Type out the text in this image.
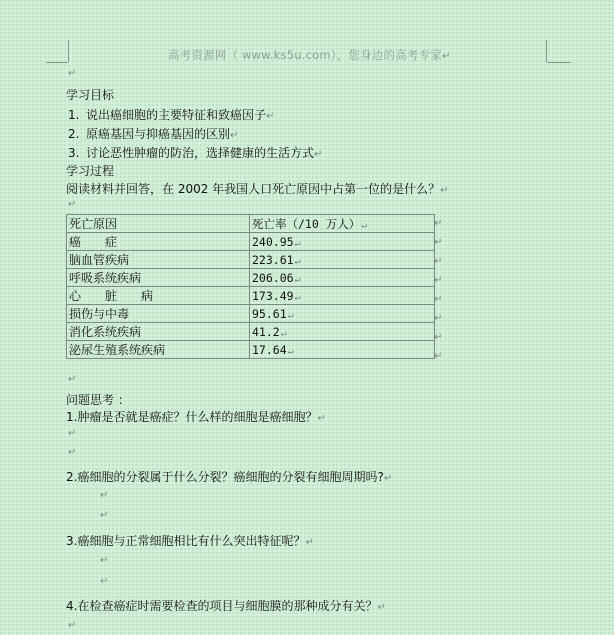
高考资源网（ www.ks5u.com），您身边的高考专家↵
↵
学习目标
1. 说出癌细胞的主要特征和致癌因子↵
2. 原癌基因与抑癌基因的区别↵
3. 讨论恶性肿瘤的防治，选择健康的生活方式↵
学习过程
阅读材料并回答，在 2002 年我国人口死亡原因中占第一位的是什么？↵
↵
死亡原因	死亡率（/10 万人）↵
癌　　症	240.95↵
脑血管疾病	223.61↵
呼吸系统疾病	206.06↵
心　　脏　　病	173.49↵
损伤与中毒	95.61↵
消化系统疾病	41.2↵
泌尿生殖系统疾病	17.64↵
↵
↵
↵
↵
↵
↵
↵
↵
↵
问题思考 ：
1.肿瘤是否就是癌症？什么样的细胞是癌细胞？↵
↵
↵
2.癌细胞的分裂属于什么分裂？癌细胞的分裂有细胞周期吗?↵
↵
↵
3.癌细胞与正常细胞相比有什么突出特征呢？↵
↵
↵
4.在检查癌症时需要检查的项目与细胞膜的那种成分有关？↵
↵
